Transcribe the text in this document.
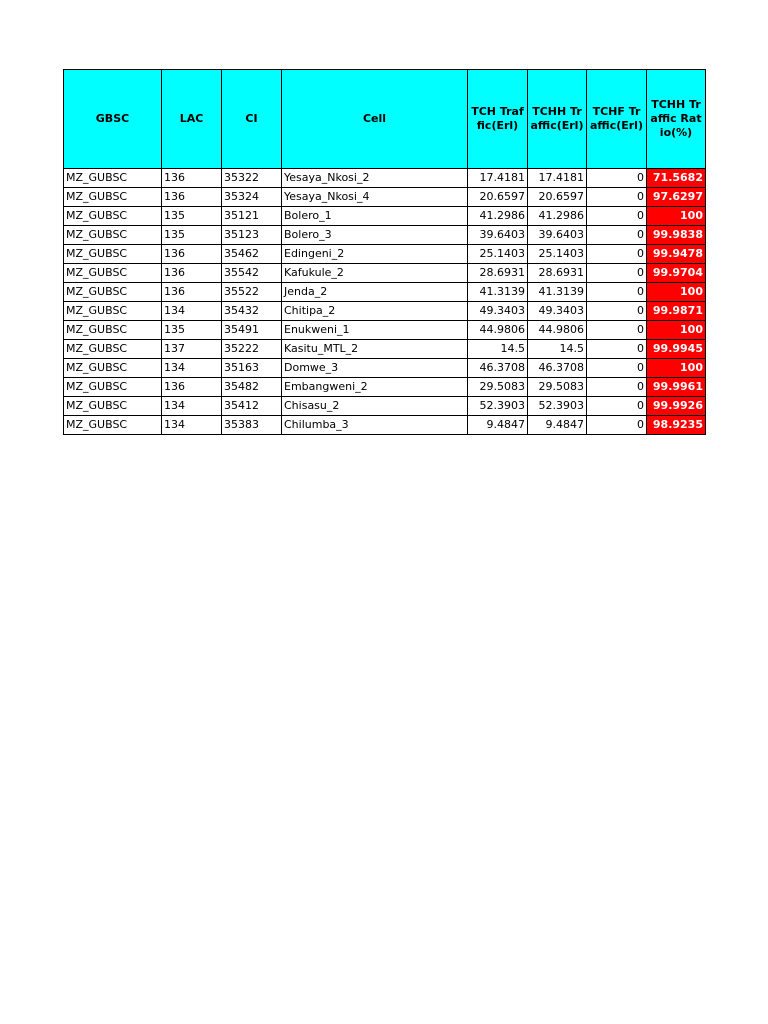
GBSC	LAC	CI	Cell	TCH Traffic(Erl)	TCHH Traffic(Erl)	TCHF Traffic(Erl)	TCHH Traffic Ratio(%)
MZ_GUBSC	136	35322	Yesaya_Nkosi_2	17.4181	17.4181	0	71.5682
MZ_GUBSC	136	35324	Yesaya_Nkosi_4	20.6597	20.6597	0	97.6297
MZ_GUBSC	135	35121	Bolero_1	41.2986	41.2986	0	100
MZ_GUBSC	135	35123	Bolero_3	39.6403	39.6403	0	99.9838
MZ_GUBSC	136	35462	Edingeni_2	25.1403	25.1403	0	99.9478
MZ_GUBSC	136	35542	Kafukule_2	28.6931	28.6931	0	99.9704
MZ_GUBSC	136	35522	Jenda_2	41.3139	41.3139	0	100
MZ_GUBSC	134	35432	Chitipa_2	49.3403	49.3403	0	99.9871
MZ_GUBSC	135	35491	Enukweni_1	44.9806	44.9806	0	100
MZ_GUBSC	137	35222	Kasitu_MTL_2	14.5	14.5	0	99.9945
MZ_GUBSC	134	35163	Domwe_3	46.3708	46.3708	0	100
MZ_GUBSC	136	35482	Embangweni_2	29.5083	29.5083	0	99.9961
MZ_GUBSC	134	35412	Chisasu_2	52.3903	52.3903	0	99.9926
MZ_GUBSC	134	35383	Chilumba_3	9.4847	9.4847	0	98.9235
